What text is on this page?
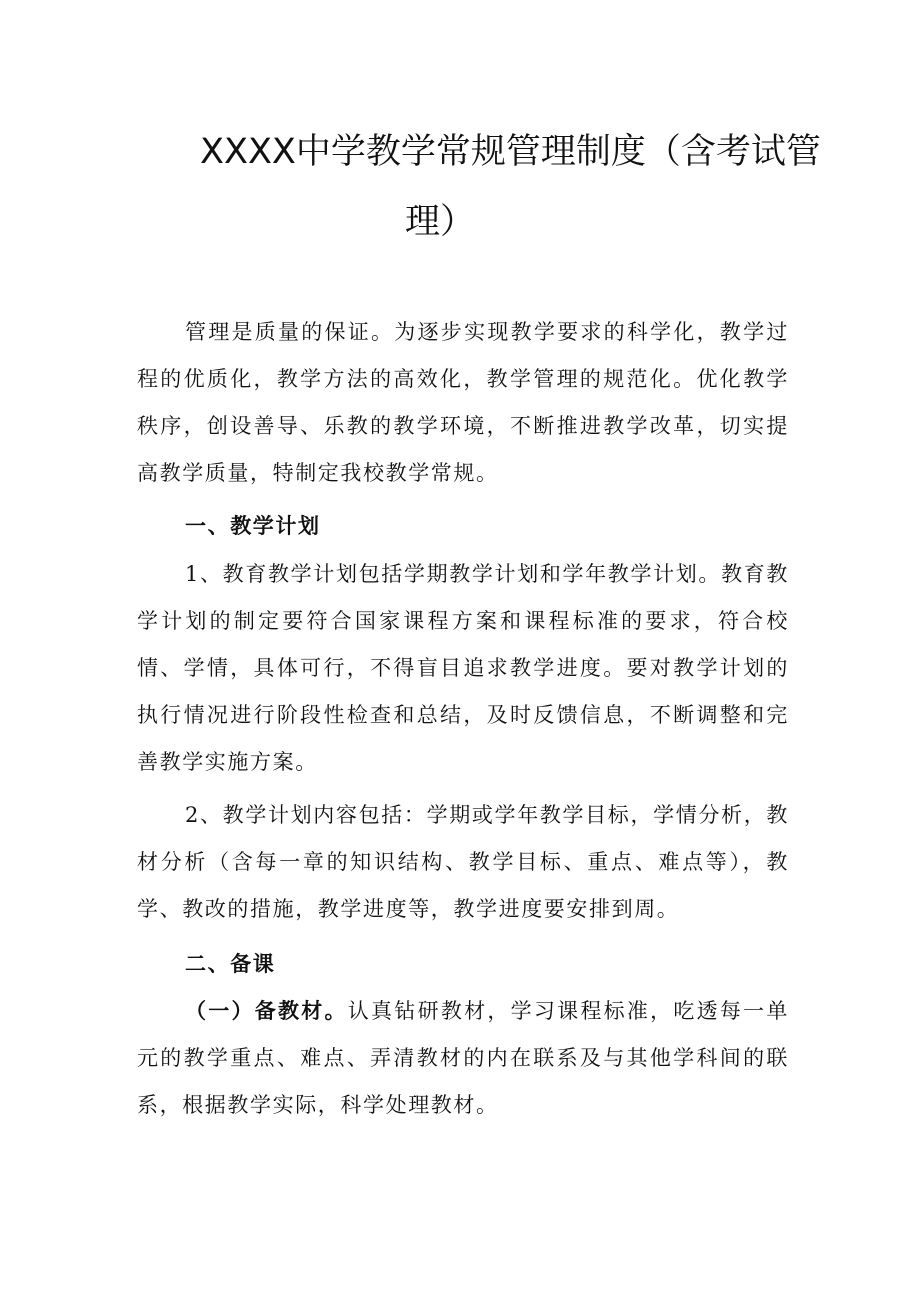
XXXX中学教学常规管理制度（含考试管
理）
管理是质量的保证。为逐步实现教学要求的科学化，教学过程的优质化，教学方法的高效化，教学管理的规范化。优化教学秩序，创设善导、乐教的教学环境，不断推进教学改革，切实提高教学质量，特制定我校教学常规。
一、教学计划
1、教育教学计划包括学期教学计划和学年教学计划。教育教学计划的制定要符合国家课程方案和课程标准的要求，符合校情、学情，具体可行，不得盲目追求教学进度。要对教学计划的执行情况进行阶段性检查和总结，及时反馈信息，不断调整和完善教学实施方案。
2、教学计划内容包括：学期或学年教学目标，学情分析，教材分析（含每一章的知识结构、教学目标、重点、难点等），教学、教改的措施，教学进度等，教学进度要安排到周。
二、备课
（一）备教材。认真钻研教材，学习课程标准，吃透每一单元的教学重点、难点、弄清教材的内在联系及与其他学科间的联系，根据教学实际，科学处理教材。
